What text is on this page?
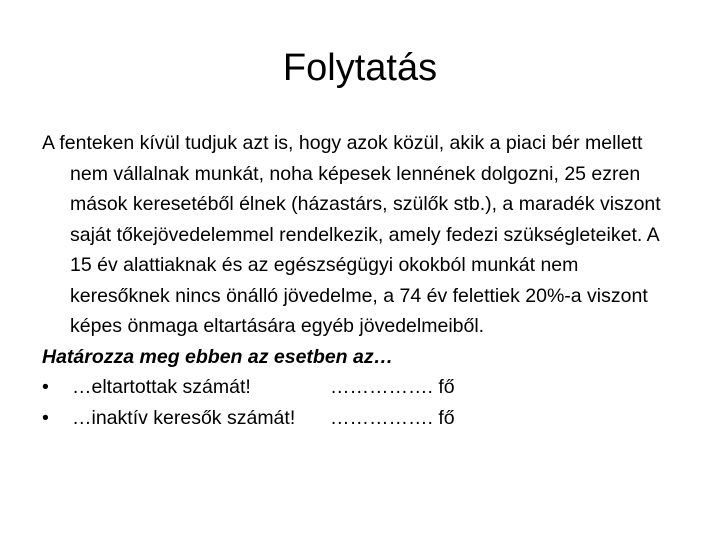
Folytatás

A fenteken kívül tudjuk azt is, hogy azok közül, akik a piaci bér mellett nem vállalnak munkát, noha képesek lennének dolgozni, 25 ezren mások keresetéből élnek (házastárs, szülők stb.), a maradék viszont saját tőkejövedelemmel rendelkezik, amely fedezi szükségleteiket. A 15 év alattiaknak és az egészségügyi okokból munkát nem keresőknek nincs önálló jövedelme, a 74 év felettiek 20%-a viszont képes önmaga eltartására egyéb jövedelmeiből.

Határozza meg ebben az esetben az…

• …eltartottak számát!	……………. fő
• …inaktív keresők számát! ……………. fő
